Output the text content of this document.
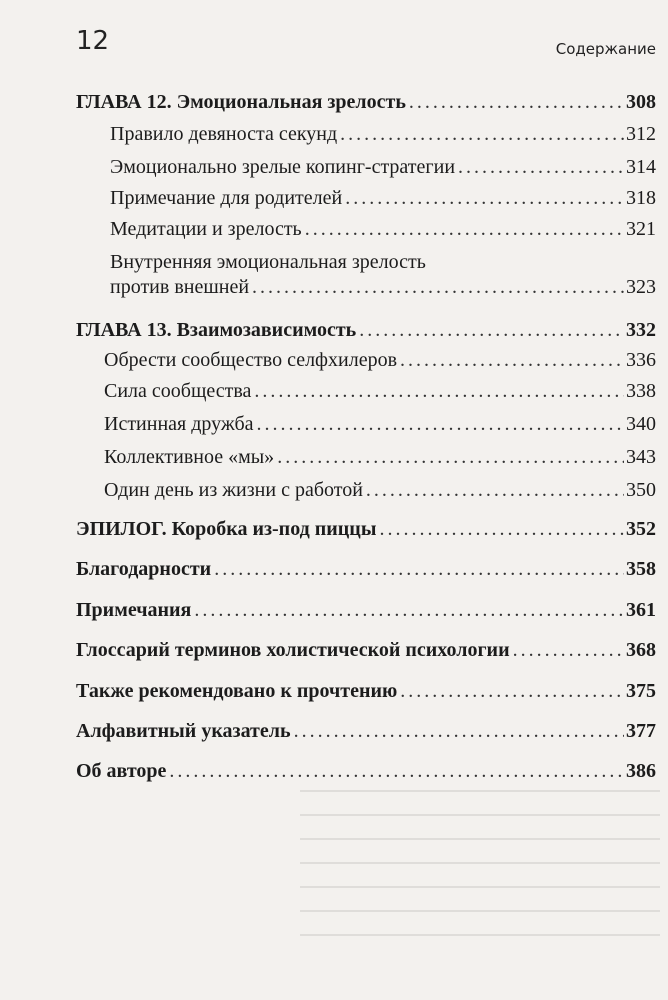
12	Содержание
ГЛАВА 12. Эмоциональная зрелость . . .	308
Правило девяноста секунд . . .	312
Эмоционально зрелые копинг-стратегии . . .	314
Примечание для родителей . . .	318
Медитации и зрелость . . .	321
Внутренняя эмоциональная зрелость
против внешней . . .	323
ГЛАВА 13. Взаимозависимость . . .	332
Обрести сообщество селфхилеров . . .	336
Сила сообщества . . .	338
Истинная дружба . . .	340
Коллективное «мы» . . .	343
Один день из жизни с работой . . .	350
ЭПИЛОГ. Коробка из-под пиццы . . .	352
Благодарности . . .	358
Примечания . . .	361
Глоссарий терминов холистической психологии . . .	368
Также рекомендовано к прочтению . . .	375
Алфавитный указатель . . .	377
Об авторе . . .	386
